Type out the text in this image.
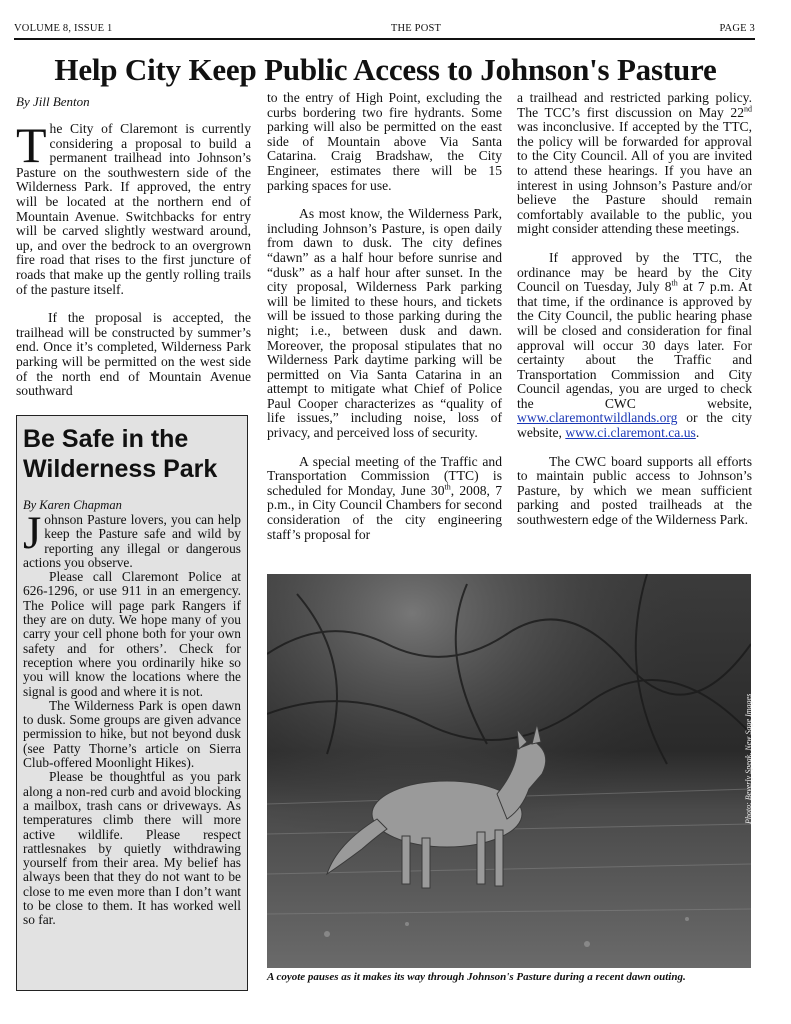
VOLUME 8, ISSUE 1	THE POST	PAGE 3
Help City Keep Public Access to Johnson's Pasture
By Jill Benton

The City of Claremont is currently considering a proposal to build a permanent trailhead into Johnson’s Pasture on the southwestern side of the Wilderness Park. If approved, the entry will be located at the northern end of Mountain Avenue. Switchbacks for entry will be carved slightly westward around, up, and over the bedrock to an overgrown fire road that rises to the first juncture of roads that make up the gently rolling trails of the pasture itself.

If the proposal is accepted, the trailhead will be constructed by summer’s end. Once it’s completed, Wilderness Park parking will be permitted on the west side of the north end of Mountain Avenue southward

to the entry of High Point, excluding the curbs bordering two fire hydrants. Some parking will also be permitted on the east side of Mountain above Via Santa Catarina. Craig Bradshaw, the City Engineer, estimates there will be 15 parking spaces for use.

As most know, the Wilderness Park, including Johnson’s Pasture, is open daily from dawn to dusk. The city defines “dawn” as a half hour before sunrise and “dusk” as a half hour after sunset. In the city proposal, Wilderness Park parking will be limited to these hours, and tickets will be issued to those parking during the night; i.e., between dusk and dawn. Moreover, the proposal stipulates that no Wilderness Park daytime parking will be permitted on Via Santa Catarina in an attempt to mitigate what Chief of Police Paul Cooper characterizes as “quality of life issues,” including noise, loss of privacy, and perceived loss of security.

A special meeting of the Traffic and Transportation Commission (TTC) is scheduled for Monday, June 30th, 2008, 7 p.m., in City Council Chambers for second consideration of the city engineering staff’s proposal for

a trailhead and restricted parking policy. The TCC’s first discussion on May 22nd was inconclusive. If accepted by the TTC, the policy will be forwarded for approval to the City Council. All of you are invited to attend these hearings. If you have an interest in using Johnson’s Pasture and/or believe the Pasture should remain comfortably available to the public, you might consider attending these meetings.

If approved by the TTC, the ordinance may be heard by the City Council on Tuesday, July 8th at 7 p.m. At that time, if the ordinance is approved by the City Council, the public hearing phase will be closed and consideration for final approval will occur 30 days later. For certainty about the Traffic and Transportation Commission and City Council agendas, you are urged to check the CWC website, www.claremontwildlands.org or the city website, www.ci.claremont.ca.us.

The CWC board supports all efforts to maintain public access to Johnson’s Pasture, by which we mean sufficient parking and posted trailheads at the southwestern edge of the Wilderness Park.

Be Safe in the Wilderness Park
By Karen Chapman

Johnson Pasture lovers, you can help keep the Pasture safe and wild by reporting any illegal or dangerous actions you observe.

Please call Claremont Police at 626-1296, or use 911 in an emergency. The Police will page park Rangers if they are on duty. We hope many of you carry your cell phone both for your own safety and for others’. Check for reception where you ordinarily hike so you will know the locations where the signal is good and where it is not.

The Wilderness Park is open dawn to dusk. Some groups are given advance permission to hike, but not beyond dusk (see Patty Thorne’s article on Sierra Club-offered Moonlight Hikes).

Please be thoughtful as you park along a non-red curb and avoid blocking a mailbox, trash cans or driveways. As temperatures climb there will more active wildlife. Please respect rattlesnakes by quietly withdrawing yourself from their area. My belief has always been that they do not want to be close to me even more than I don’t want to be close to them. It has worked well so far.

Photo: Beverly Speak, New Sage Images
A coyote pauses as it makes its way through Johnson's Pasture during a recent dawn outing.
